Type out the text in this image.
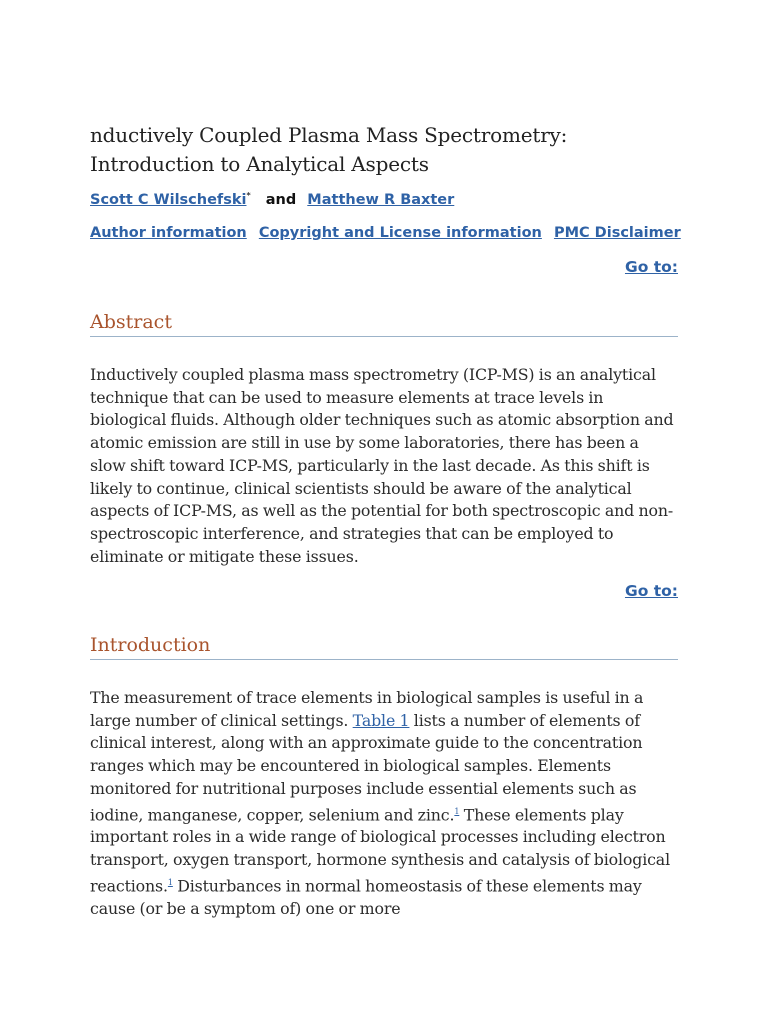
nductively Coupled Plasma Mass Spectrometry: Introduction to Analytical Aspects
Scott C Wilschefski* and Matthew R Baxter
Author information Copyright and License information PMC Disclaimer
Go to:
Abstract

Inductively coupled plasma mass spectrometry (ICP-MS) is an analytical technique that can be used to measure elements at trace levels in biological fluids. Although older techniques such as atomic absorption and atomic emission are still in use by some laboratories, there has been a slow shift toward ICP-MS, particularly in the last decade. As this shift is likely to continue, clinical scientists should be aware of the analytical aspects of ICP-MS, as well as the potential for both spectroscopic and non-spectroscopic interference, and strategies that can be employed to eliminate or mitigate these issues.

Go to:
Introduction

The measurement of trace elements in biological samples is useful in a large number of clinical settings. Table 1 lists a number of elements of clinical interest, along with an approximate guide to the concentration ranges which may be encountered in biological samples. Elements monitored for nutritional purposes include essential elements such as iodine, manganese, copper, selenium and zinc.$^1$ These elements play important roles in a wide range of biological processes including electron transport, oxygen transport, hormone synthesis and catalysis of biological reactions.$^1$ Disturbances in normal homeostasis of these elements may cause (or be a symptom of) one or more
